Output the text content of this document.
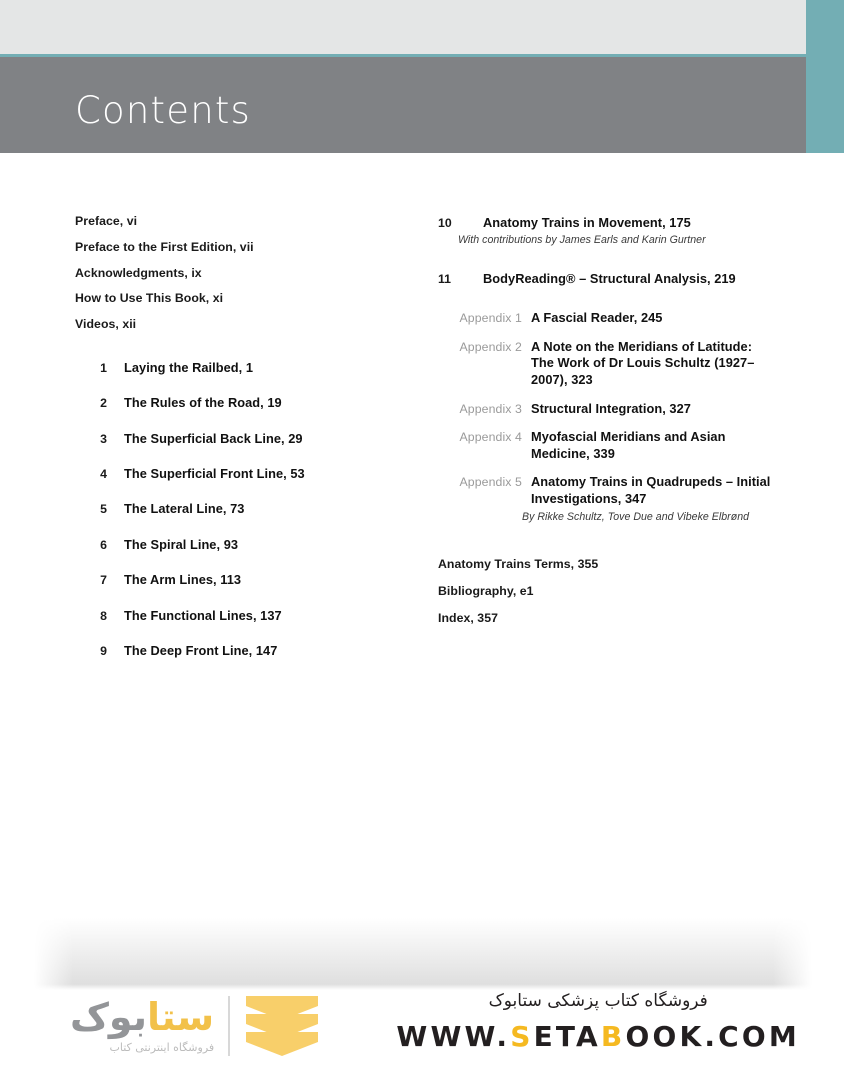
Contents
Preface, vi
Preface to the First Edition, vii
Acknowledgments, ix
How to Use This Book, xi
Videos, xii
1 Laying the Railbed, 1
2 The Rules of the Road, 19
3 The Superficial Back Line, 29
4 The Superficial Front Line, 53
5 The Lateral Line, 73
6 The Spiral Line, 93
7 The Arm Lines, 113
8 The Functional Lines, 137
9 The Deep Front Line, 147
10	Anatomy Trains in Movement, 175
With contributions by James Earls and Karin Gurtner
11	BodyReading® – Structural Analysis, 219
Appendix 1 A Fascial Reader, 245
Appendix 2 A Note on the Meridians of Latitude: The Work of Dr Louis Schultz (1927–2007), 323
Appendix 3 Structural Integration, 327
Appendix 4 Myofascial Meridians and Asian Medicine, 339
Appendix 5 Anatomy Trains in Quadrupeds – Initial Investigations, 347
By Rikke Schultz, Tove Due and Vibeke Elbrønd
Anatomy Trains Terms, 355
Bibliography, e1
Index, 357
ستابوک
فروشگاه اینترنتی کتاب
فروشگاه کتاب پزشکی ستابوک
WWW.SETABOOK.COM
